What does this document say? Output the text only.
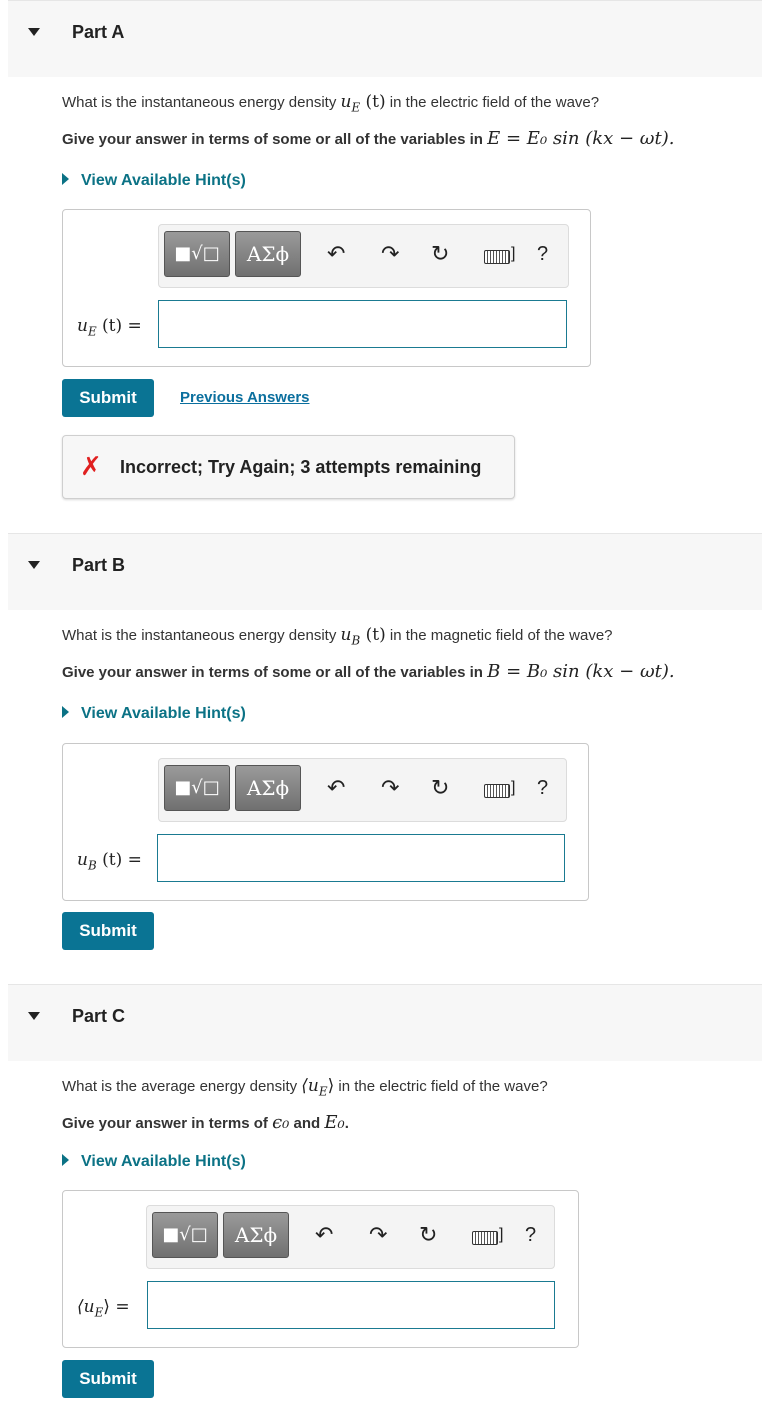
Part A
What is the instantaneous energy density $u_E$ (t) in the electric field of the wave?
Give your answer in terms of some or all of the variables in E = E₀ sin (kx − ωt).
View Available Hint(s)
■√□	ΑΣϕ	↶ ↷ ↻	] ?
$u_E$ (t) =
Submit	Previous Answers
✗ Incorrect; Try Again; 3 attempts remaining
Part B
What is the instantaneous energy density $u_B$ (t) in the magnetic field of the wave?
Give your answer in terms of some or all of the variables in B = B₀ sin (kx − ωt).
View Available Hint(s)
■√□	ΑΣϕ	↶ ↷ ↻	] ?
$u_B$ (t) =
Submit
Part C
What is the average energy density $⟨u_E⟩$ in the electric field of the wave?
Give your answer in terms of ϵ₀ and E₀.
View Available Hint(s)
■√□	ΑΣϕ	↶ ↷ ↻	] ?
$⟨u_E⟩$ =
Submit
